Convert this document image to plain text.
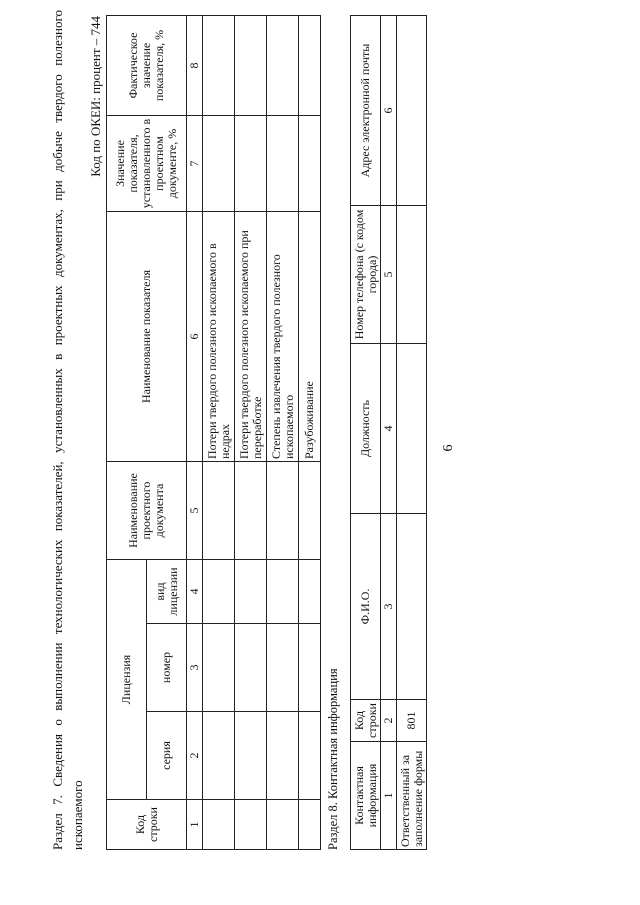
6
Раздел 7. Сведения о выполнении технологических показателей, установленных в проектных документах, при добыче твердого полезного ископаемого
Код по ОКЕИ: процент – 744
Код строки	Лицензия			Наименование проектного документа	Наименование показателя	Значение показателя, установленного в проектном документе, %	Фактическое значение показателя, %
	серия	номер	вид лицензии				
1	2	3	4	5	6	7	8
					Потери твердого полезного ископаемого в недрах		
					Потери твердого полезного ископаемого при переработке		
					Степень извлечения твердого полезного ископаемого		
					Разубоживание		
Раздел 8. Контактная информация Контактная информация	Код строки	Ф.И.О.	Должность	Номер телефона (с кодом города)	Адрес электронной почты
1	2	3	4	5	6
Ответственный за заполнение формы	801				
